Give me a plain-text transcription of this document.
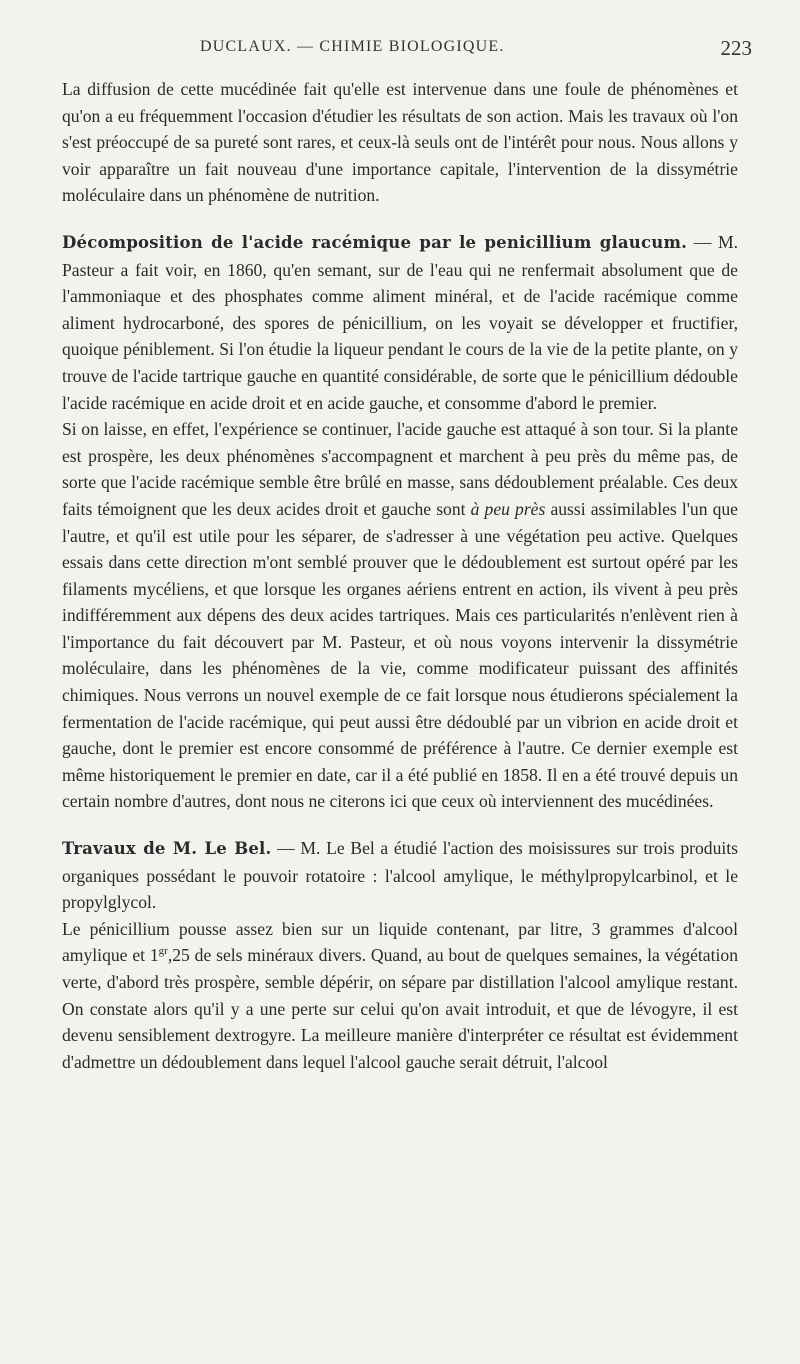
DUCLAUX. — CHIMIE BIOLOGIQUE.	223

La diffusion de cette mucédinée fait qu'elle est intervenue dans une foule de phénomènes et qu'on a eu fréquemment l'occasion d'étudier les résultats de son action. Mais les travaux où l'on s'est préoccupé de sa pureté sont rares, et ceux-là seuls ont de l'intérêt pour nous. Nous allons y voir apparaître un fait nouveau d'une importance capitale, l'intervention de la dissymétrie moléculaire dans un phénomène de nutrition.

Décomposition de l'acide racémique par le penicillium glaucum. — M. Pasteur a fait voir, en 1860, qu'en semant, sur de l'eau qui ne renfermait absolument que de l'ammoniaque et des phosphates comme aliment minéral, et de l'acide racémique comme aliment hydrocarboné, des spores de pénicillium, on les voyait se développer et fructifier, quoique péniblement. Si l'on étudie la liqueur pendant le cours de la vie de la petite plante, on y trouve de l'acide tartrique gauche en quantité considérable, de sorte que le pénicillium dédouble l'acide racémique en acide droit et en acide gauche, et consomme d'abord le premier.

Si on laisse, en effet, l'expérience se continuer, l'acide gauche est attaqué à son tour. Si la plante est prospère, les deux phénomènes s'accompagnent et marchent à peu près du même pas, de sorte que l'acide racémique semble être brûlé en masse, sans dédoublement préalable. Ces deux faits témoignent que les deux acides droit et gauche sont à peu près aussi assimilables l'un que l'autre, et qu'il est utile pour les séparer, de s'adresser à une végétation peu active. Quelques essais dans cette direction m'ont semblé prouver que le dédoublement est surtout opéré par les filaments mycéliens, et que lorsque les organes aériens entrent en action, ils vivent à peu près indifféremment aux dépens des deux acides tartriques. Mais ces particularités n'enlèvent rien à l'importance du fait découvert par M. Pasteur, et où nous voyons intervenir la dissymétrie moléculaire, dans les phénomènes de la vie, comme modificateur puissant des affinités chimiques. Nous verrons un nouvel exemple de ce fait lorsque nous étudierons spécialement la fermentation de l'acide racémique, qui peut aussi être dédoublé par un vibrion en acide droit et gauche, dont le premier est encore consommé de préférence à l'autre. Ce dernier exemple est même historiquement le premier en date, car il a été publié en 1858. Il en a été trouvé depuis un certain nombre d'autres, dont nous ne citerons ici que ceux où interviennent des mucédinées.

Travaux de M. Le Bel. — M. Le Bel a étudié l'action des moisissures sur trois produits organiques possédant le pouvoir rotatoire : l'alcool amylique, le méthylpropylcarbinol, et le propylglycol.

Le pénicillium pousse assez bien sur un liquide contenant, par litre, 3 grammes d'alcool amylique et $1^{gr},25$ de sels minéraux divers. Quand, au bout de quelques semaines, la végétation verte, d'abord très prospère, semble dépérir, on sépare par distillation l'alcool amylique restant. On constate alors qu'il y a une perte sur celui qu'on avait introduit, et que de lévogyre, il est devenu sensiblement dextrogyre. La meilleure manière d'interpréter ce résultat est évidemment d'admettre un dédoublement dans lequel l'alcool gauche serait détruit, l'alcool
